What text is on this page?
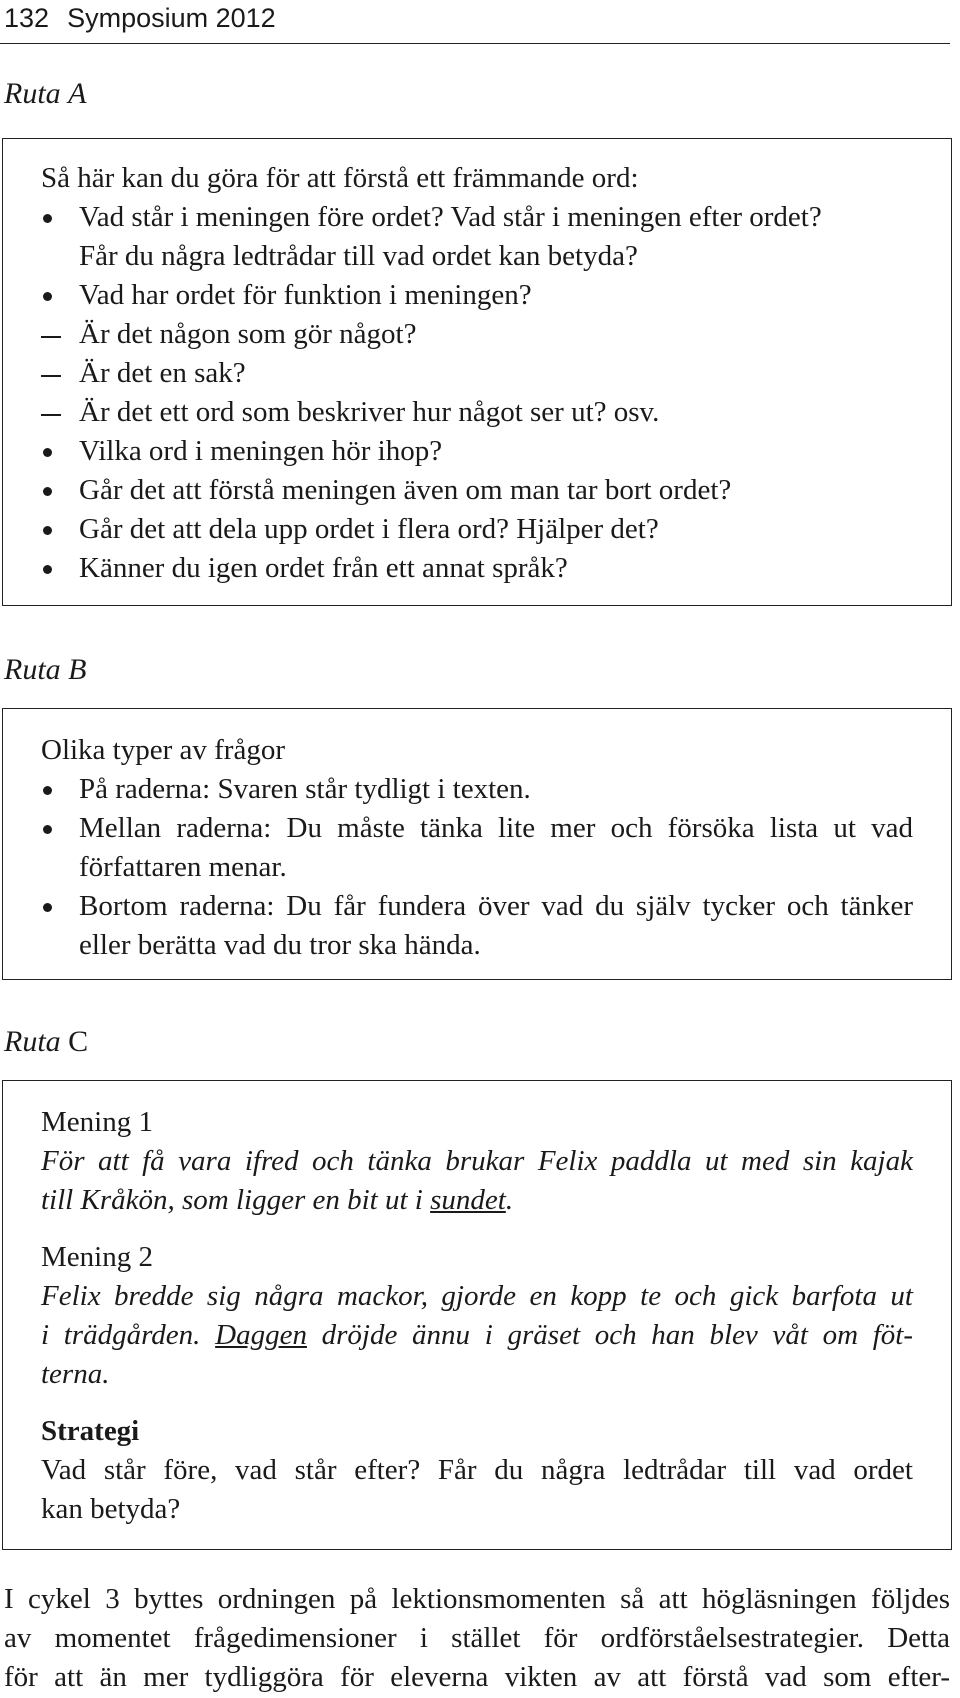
132 Symposium 2012
Ruta A
Så här kan du göra för att förstå ett främmande ord:
Vad står i meningen före ordet? Vad står i meningen efter ordet?
Får du några ledtrådar till vad ordet kan betyda?
Vad har ordet för funktion i meningen?
Är det någon som gör något?
Är det en sak?
Är det ett ord som beskriver hur något ser ut? osv.
Vilka ord i meningen hör ihop?
Går det att förstå meningen även om man tar bort ordet?
Går det att dela upp ordet i flera ord? Hjälper det?
Känner du igen ordet från ett annat språk?
Ruta B
Olika typer av frågor
På raderna: Svaren står tydligt i texten.
Mellan raderna: Du måste tänka lite mer och försöka lista ut vad författaren menar.
Bortom raderna: Du får fundera över vad du själv tycker och tänker eller berätta vad du tror ska hända.
Ruta C
Mening 1
För att få vara ifred och tänka brukar Felix paddla ut med sin kajak
till Kråkön, som ligger en bit ut i sundet.
Mening 2
Felix bredde sig några mackor, gjorde en kopp te och gick barfota ut
i trädgården. Daggen dröjde ännu i gräset och han blev våt om föt-
terna.
Strategi
Vad står före, vad står efter? Får du några ledtrådar till vad ordet
kan betyda?
I cykel 3 byttes ordningen på lektionsmomenten så att högläsningen följdes
av momentet frågedimensioner i stället för ordförståelsestrategier. Detta
för att än mer tydliggöra för eleverna vikten av att förstå vad som efter-
